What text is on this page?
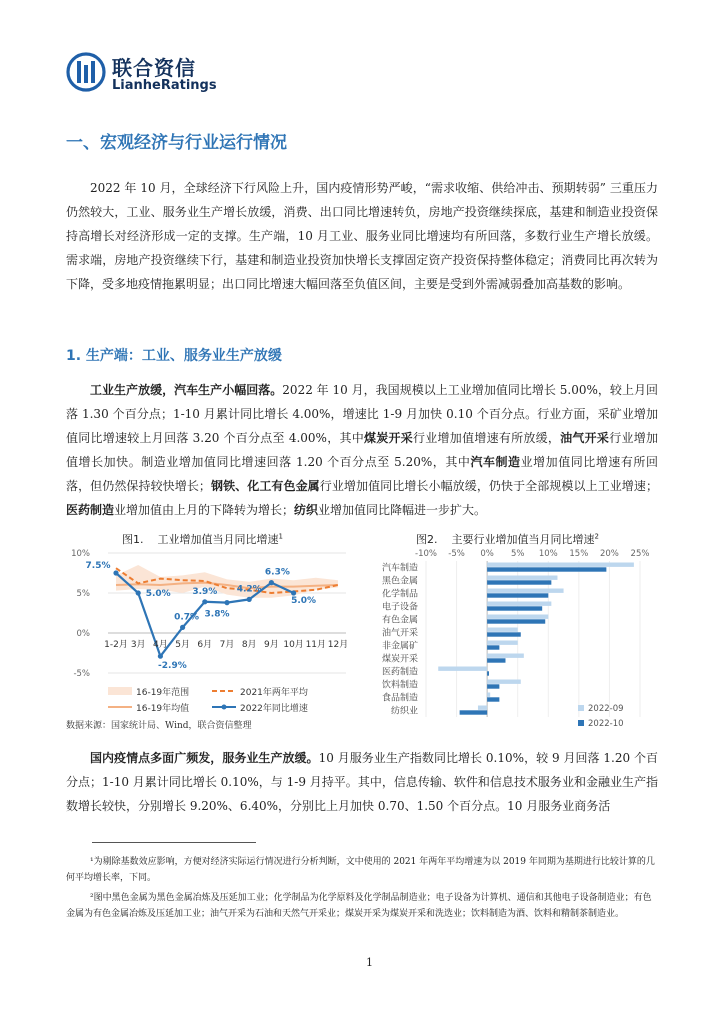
联合资信
LianheRatings
一、宏观经济与行业运行情况

2022 年 10 月，全球经济下行风险上升，国内疫情形势严峻，“需求收缩、供给冲击、预期转弱” 三重压力仍然较大，工业、服务业生产增长放缓，消费、出口同比增速转负，房地产投资继续探底，基建和制造业投资保持高增长对经济形成一定的支撑。生产端，10 月工业、服务业同比增速均有所回落，多数行业生产增长放缓。需求端，房地产投资继续下行，基建和制造业投资加快增长支撑固定资产投资保持整体稳定；消费同比再次转为下降，受多地疫情拖累明显；出口同比增速大幅回落至负值区间，主要是受到外需减弱叠加高基数的影响。

1. 生产端：工业、服务业生产放缓

工业生产放缓，汽车生产小幅回落。2022 年 10 月，我国规模以上工业增加值同比增长 5.00%，较上月回落 1.30 个百分点；1-10 月累计同比增长 4.00%，增速比 1-9 月加快 0.10 个百分点。行业方面，采矿业增加值同比增速较上月回落 3.20 个百分点至 4.00%，其中煤炭开采行业增加值增速有所放缓，油气开采行业增加值增长加快。制造业增加值同比增速回落 1.20 个百分点至 5.20%，其中汽车制造业增加值同比增速有所回落，但仍然保持较快增长；钢铁、化工有色金属行业增加值同比增长小幅放缓，仍快于全部规模以上工业增速；医药制造业增加值由上月的下降转为增长；纺织业增加值同比降幅进一步扩大。

图1. 工业增加值当月同比增速$^1$	图2. 主要行业增加值当月同比增速$^2$
10%
5%
0%
-5%
7.5%
5.0%
-2.9%
0.7%
3.9%
3.8%
4.2%
6.3%
5.0%
1-2月 3月 4月 5月 6月 7月 8月 9月 10月 11月 12月
16-19年范围	2021年两年平均
16-19年均值	2022年同比增速
-10% -5% 0% 5% 10% 15% 20% 25%
汽车制造
黑色金属
化学制品
电子设备
有色金属
油气开采
非金属矿
煤炭开采
医药制造
饮料制造
食品制造
纺织业	2022-09
2022-10
数据来源：国家统计局、Wind，联合资信整理

国内疫情点多面广频发，服务业生产放缓。10 月服务业生产指数同比增长 0.10%，较 9 月回落 1.20 个百分点；1-10 月累计同比增长 0.10%，与 1-9 月持平。其中，信息传输、软件和信息技术服务业和金融业生产指数增长较快，分别增长 9.20%、6.40%，分别比上月加快 0.70、1.50 个百分点。10 月服务业商务活

¹为剔除基数效应影响，方便对经济实际运行情况进行分析判断，文中使用的 2021 年两年平均增速为以 2019 年同期为基期进行比较计算的几何平均增长率，下同。

²图中黑色金属为黑色金属冶炼及压延加工业；化学制品为化学原料及化学制品制造业；电子设备为计算机、通信和其他电子设备制造业；有色金属为有色金属冶炼及压延加工业；油气开采为石油和天然气开采业；煤炭开采为煤炭开采和洗选业；饮料制造为酒、饮料和精制茶制造业。

1
